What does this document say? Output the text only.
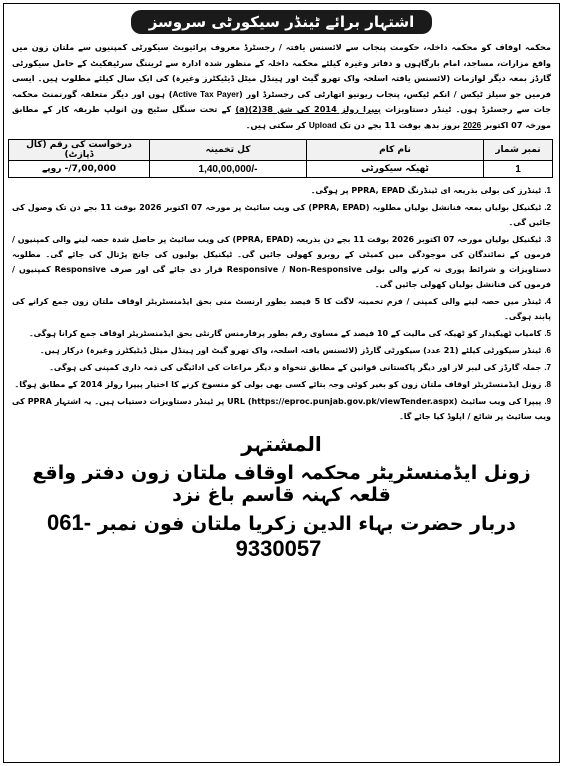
اشتہار برائے ٹینڈر سیکورٹی سروسز
محکمہ اوقاف کو محکمہ داخلہ، حکومت پنجاب سے لائسنس یافتہ / رجسٹرڈ معروف پرائیویٹ سیکورٹی کمپنیوں سے ملتان زون میں واقع مزارات، مساجد، امام بارگاہوں و دفاتر وغیرہ کیلئے محکمہ داخلہ کے منظور شدہ ادارہ سے ٹریننگ سرٹیفکیٹ کے حامل سیکورٹی گارڈز بمعہ دیگر لوازمات (لائسنس یافتہ اسلحہ واک تھرو گیٹ اور ہینڈل میٹل ڈیٹیکٹرز وغیرہ) کی ایک سال کیلئے مطلوب ہیں۔ ایسی فرمیں جو سیلز ٹیکس / انکم ٹیکس، پنجاب ریونیو اتھارٹی کی رجسٹرڈ اور (Active Tax Payer) ہوں اور دیگر متعلقہ گورنمنٹ محکمہ جات سے رجسٹرڈ ہوں۔ ٹینڈر دستاویزات پیپرا رولز 2014 کی شق 38(2)(a) کے تحت سنگل سٹیج ون انولپ طریقہ کار کے مطابق مورخہ 07 اکتوبر 2026 بروز بدھ بوقت 11 بجے دن تک Upload کر سکتی ہیں۔
نمبر شمار	نام کام	کل تخمینہ	درخواست کی رقم (کال ڈپازٹ)
1	ٹھیکہ سیکورٹی	1,40,00,000/-	7,00,000/- روپے
1.ٹینڈرز کی بولی بذریعہ ای ٹینڈرنگ PPRA, EPAD پر ہوگی۔
2.ٹیکنیکل بولیاں بمعہ فنانشل بولیاں مطلوبہ (PPRA, EPAD) کی ویب سائیٹ پر مورخہ 07 اکتوبر 2026 بوقت 11 بجے دن تک وصول کی جائیں گی۔
3.ٹیکنیکل بولیاں مورخہ 07 اکتوبر 2026 بوقت 11 بجے دن بذریعہ (PPRA, EPAD) کی ویب سائیٹ پر حاصل شدہ حصہ لینے والی کمپنیوں / فرموں کے نمائندگان کی موجودگی میں کمیٹی کے روبرو کھولی جائیں گی۔ ٹیکنیکل بولیوں کی جانچ پڑتال کی جائے گی۔ مطلوبہ دستاویزات و شرائط پوری نہ کرنے والی بولی Responsive / Non-Responsive قرار دی جائے گی اور صرف Responsive کمپنیوں / فرموں کی فنانشل بولیاں کھولی جائیں گی۔
4.ٹینڈر میں حصہ لینے والی کمپنی / فرم تخمینہ لاگت کا 5 فیصد بطور ارنسٹ منی بحق ایڈمنسٹریٹر اوقاف ملتان زون جمع کرانے کی پابند ہوگی۔
5.کامیاب ٹھیکیدار کو ٹھیکہ کی مالیت کے 10 فیصد کے مساوی رقم بطور پرفارمنس گارنٹی بحق ایڈمنسٹریٹر اوقاف جمع کرانا ہوگی۔
6.ٹینڈر سیکورٹی کیلئے (21 عدد) سیکورٹی گارڈز (لائسنس یافتہ اسلحہ، واک تھرو گیٹ اور ہینڈل میٹل ڈیٹیکٹرز وغیرہ) درکار ہیں۔
7.جملہ گارڈز کی لیبر لاز اور دیگر پاکستانی قوانین کے مطابق تنخواہ و دیگر مراعات کی ادائیگی کی ذمہ داری کمپنی کی ہوگی۔
8.زونل ایڈمنسٹریٹر اوقاف ملتان زون کو بغیر کوئی وجہ بتائے کسی بھی بولی کو منسوخ کرنے کا اختیار پیپرا رولز 2014 کے مطابق ہوگا۔
9.پیپرا کی ویب سائیٹ URL (https://eproc.punjab.gov.pk/viewTender.aspx) پر ٹینڈر دستاویزات دستیاب ہیں۔ یہ اشتہار PPRA کی ویب سائیٹ پر شائع / اپلوڈ کیا جائے گا۔
المشتہر
زونل ایڈمنسٹریٹر محکمہ اوقاف ملتان زون دفتر واقع قلعہ کہنہ قاسم باغ نزد
دربار حضرت بہاء الدین زکریا ملتان فون نمبر 061-9330057
